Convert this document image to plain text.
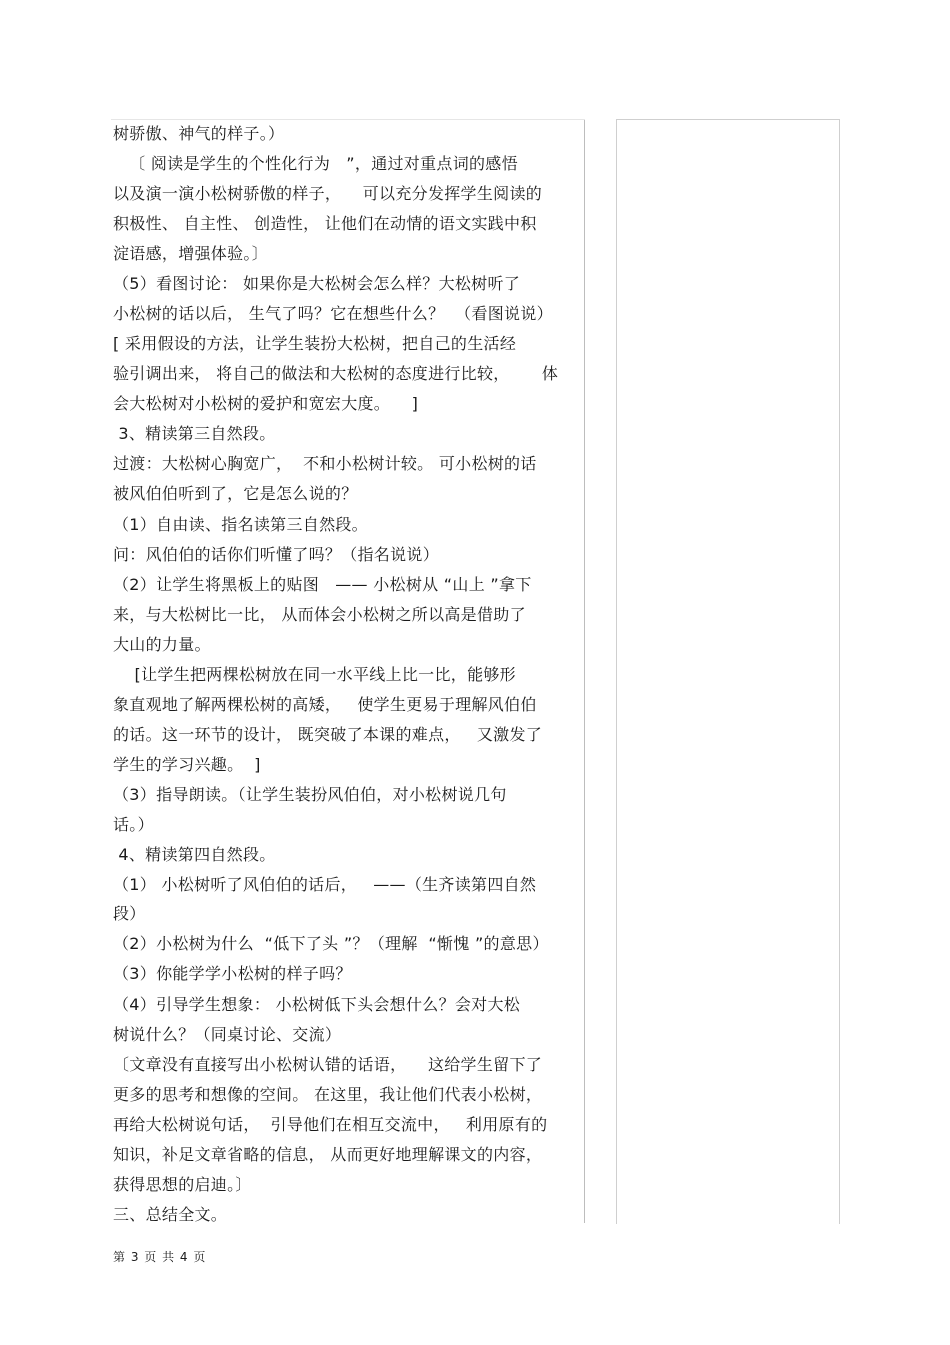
树骄傲、神气的样子。）
〔 阅读是学生的个性化行为   ”，通过对重点词的感悟
以及演一演小松树骄傲的样子，    可以充分发挥学生阅读的
积极性、 自主性、 创造性， 让他们在动情的语文实践中积
淀语感，增强体验。〕
（5）看图讨论： 如果你是大松树会怎么样？大松树听了
小松树的话以后， 生气了吗？它在想些什么？  （看图说说）
[ 采用假设的方法，让学生装扮大松树，把自己的生活经
验引调出来， 将自己的做法和大松树的态度进行比较，      体
会大松树对小松树的爱护和宽宏大度。    ]
3、精读第三自然段。
过渡：大松树心胸宽广，  不和小松树计较。 可小松树的话
被风伯伯听到了，它是怎么说的？
（1）自由读、指名读第三自然段。
问：风伯伯的话你们听懂了吗？（指名说说）
（2）让学生将黑板上的贴图   —— 小松树从 “山上 ”拿下
来，与大松树比一比， 从而体会小松树之所以高是借助了
大山的力量。
[让学生把两棵松树放在同一水平线上比一比，能够形
象直观地了解两棵松树的高矮，   使学生更易于理解风伯伯
的话。这一环节的设计， 既突破了本课的难点，   又激发了
学生的学习兴趣。  ]
（3）指导朗读。（让学生装扮风伯伯，对小松树说几句
话。）
4、精读第四自然段。
（1） 小松树听了风伯伯的话后，   ——（生齐读第四自然
段）
（2）小松树为什么  “低下了头 ”？（理解  “惭愧 ”的意思）
（3）你能学学小松树的样子吗？
（4）引导学生想象： 小松树低下头会想什么？会对大松
树说什么？（同桌讨论、交流）
〔文章没有直接写出小松树认错的话语，    这给学生留下了
更多的思考和想像的空间。 在这里，我让他们代表小松树，
再给大松树说句话，  引导他们在相互交流中，   利用原有的
知识，补足文章省略的信息， 从而更好地理解课文的内容，
获得思想的启迪。〕
三、总结全文。
第 3 页 共 4 页
